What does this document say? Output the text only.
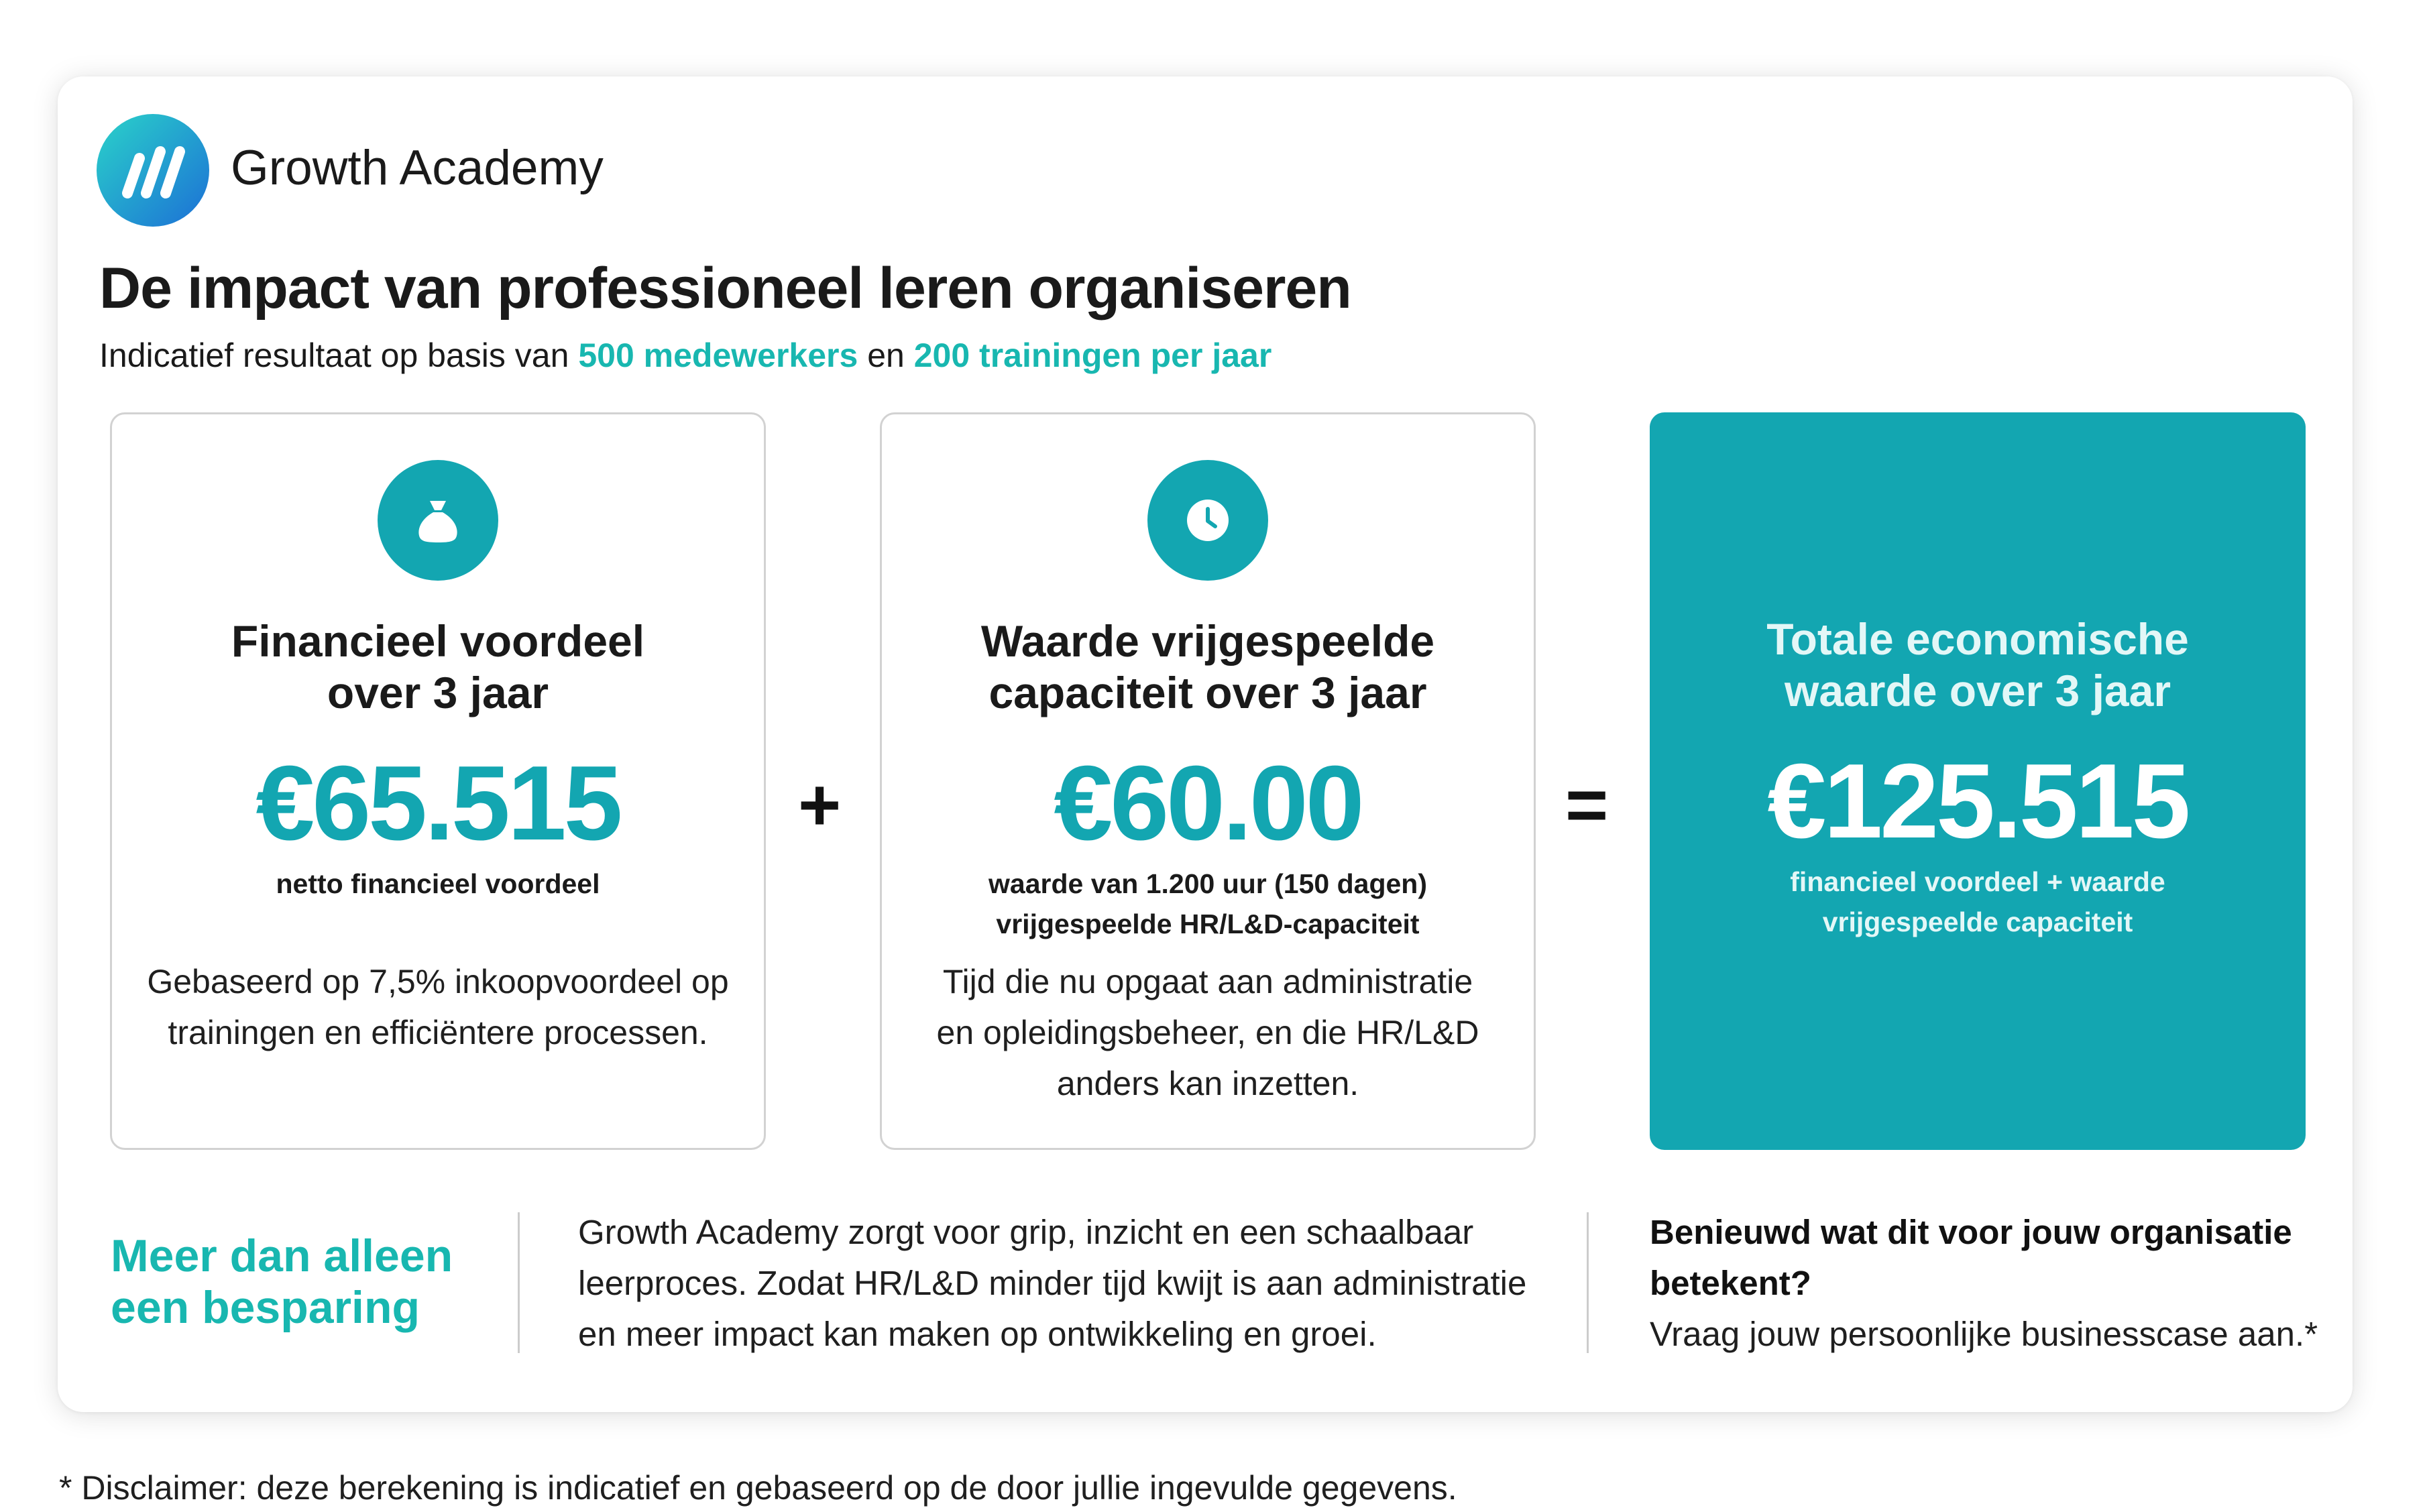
Growth Academy
De impact van professioneel leren organiseren
Indicatief resultaat op basis van 500 medewerkers en 200 trainingen per jaar
Financieel voordeel
over 3 jaar
€65.515
netto financieel voordeel
Gebaseerd op 7,5% inkoopvoordeel op
trainingen en efficiëntere processen.
+
Waarde vrijgespeelde
capaciteit over 3 jaar
€60.00
waarde van 1.200 uur (150 dagen)
vrijgespeelde HR/L&D-capaciteit
Tijd die nu opgaat aan administratie
en opleidingsbeheer, en die HR/L&D
anders kan inzetten.
=
Totale economische
waarde over 3 jaar
€125.515
financieel voordeel + waarde
vrijgespeelde capaciteit
Meer dan alleen
een besparing
Growth Academy zorgt voor grip, inzicht en een schaalbaar
leerproces. Zodat HR/L&D minder tijd kwijt is aan administratie
en meer impact kan maken op ontwikkeling en groei.
Benieuwd wat dit voor jouw organisatie
betekent?
Vraag jouw persoonlijke businesscase aan.*
* Disclaimer: deze berekening is indicatief en gebaseerd op de door jullie ingevulde gegevens.
